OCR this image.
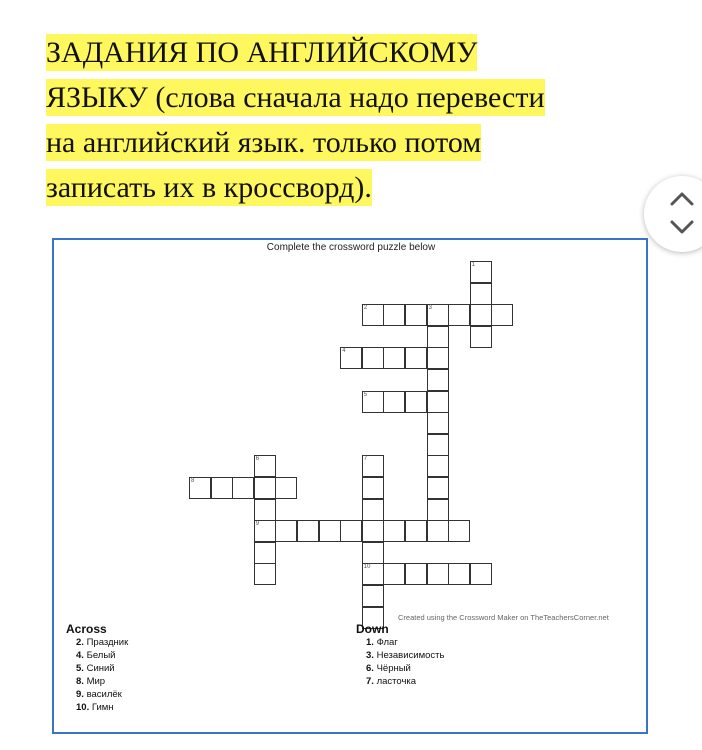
ЗАДАНИЯ ПО АНГЛИЙСКОМУ
ЯЗЫКУ (слова сначала надо перевести
на английский язык. только потом
записать их в кроссворд).
Complete the crossword puzzle below
1
2	3
4
5
6
9
7
10
8
Created using the Crossword Maker on TheTeachersCorner.net
Across
2. Праздник
4. Белый
5. Синий
8. Мир
9. василёк
10. Гимн
Down
1. Флаг
3. Независимость
6. Чёрный
7. ласточка
